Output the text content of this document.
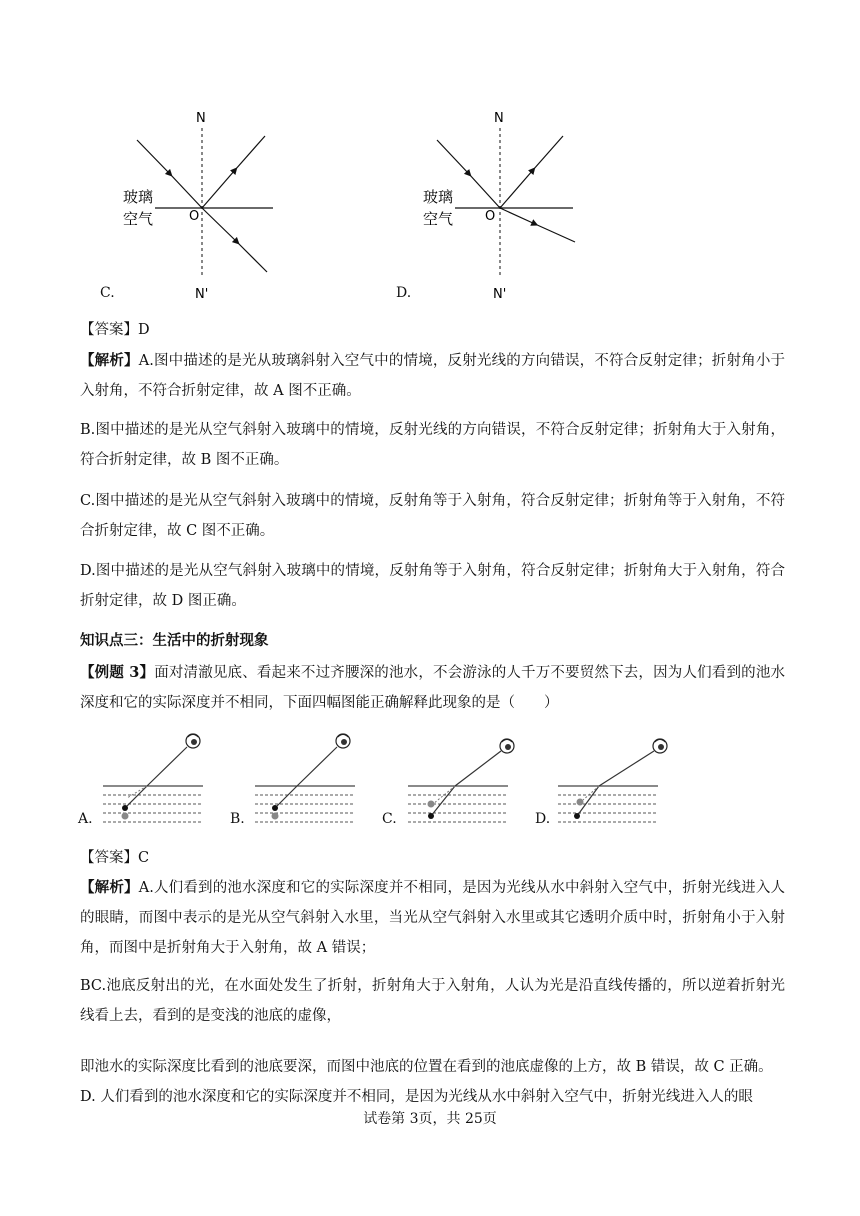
N
N'
O
玻璃
空气
C.
N
N'
O
玻璃
空气
D.
【答案】D
【解析】A.图中描述的是光从玻璃斜射入空气中的情境，反射光线的方向错误，不符合反射定律；折射角小于入射角，不符合折射定律，故 A 图不正确。
B.图中描述的是光从空气斜射入玻璃中的情境，反射光线的方向错误，不符合反射定律；折射角大于入射角，符合折射定律，故 B 图不正确。
C.图中描述的是光从空气斜射入玻璃中的情境，反射角等于入射角，符合反射定律；折射角等于入射角，不符合折射定律，故 C 图不正确。
D.图中描述的是光从空气斜射入玻璃中的情境，反射角等于入射角，符合反射定律；折射角大于入射角，符合折射定律，故 D 图正确。
知识点三：生活中的折射现象
【例题 3】面对清澈见底、看起来不过齐腰深的池水，不会游泳的人千万不要贸然下去，因为人们看到的池水深度和它的实际深度并不相同，下面四幅图能正确解释此现象的是（　　）
A.	B.	C.	D.
【答案】C
【解析】A.人们看到的池水深度和它的实际深度并不相同，是因为光线从水中斜射入空气中，折射光线进入人的眼睛，而图中表示的是光从空气斜射入水里，当光从空气斜射入水里或其它透明介质中时，折射角小于入射角，而图中是折射角大于入射角，故 A 错误；
BC.池底反射出的光，在水面处发生了折射，折射角大于入射角，人认为光是沿直线传播的，所以逆着折射光线看上去，看到的是变浅的池底的虚像，
即池水的实际深度比看到的池底要深，而图中池底的位置在看到的池底虚像的上方，故 B 错误，故 C 正确。
D. 人们看到的池水深度和它的实际深度并不相同，是因为光线从水中斜射入空气中，折射光线进入人的眼
试卷第 3页，共 25页
